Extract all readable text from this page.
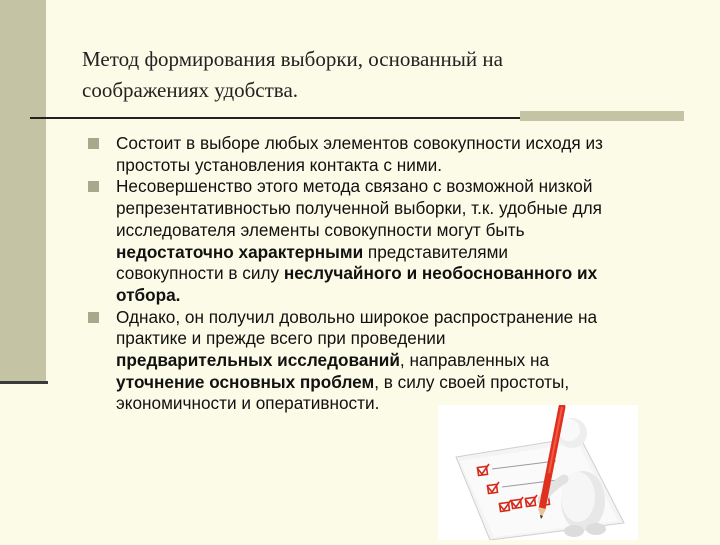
Метод формирования выборки, основанный на
соображениях удобства.
Состоит в выборе любых элементов совокупности исходя из
простоты установления контакта с ними.
Несовершенство этого метода связано с возможной низкой
репрезентативностью полученной выборки, т.к. удобные для
исследователя элементы совокупности могут быть
недостаточно характерными представителями
совокупности в силу неслучайного и необоснованного их
отбора.
Однако, он получил довольно широкое распространение на
практике и прежде всего при проведении
предварительных исследований, направленных на
уточнение основных проблем, в силу своей простоты,
экономичности и оперативности.
